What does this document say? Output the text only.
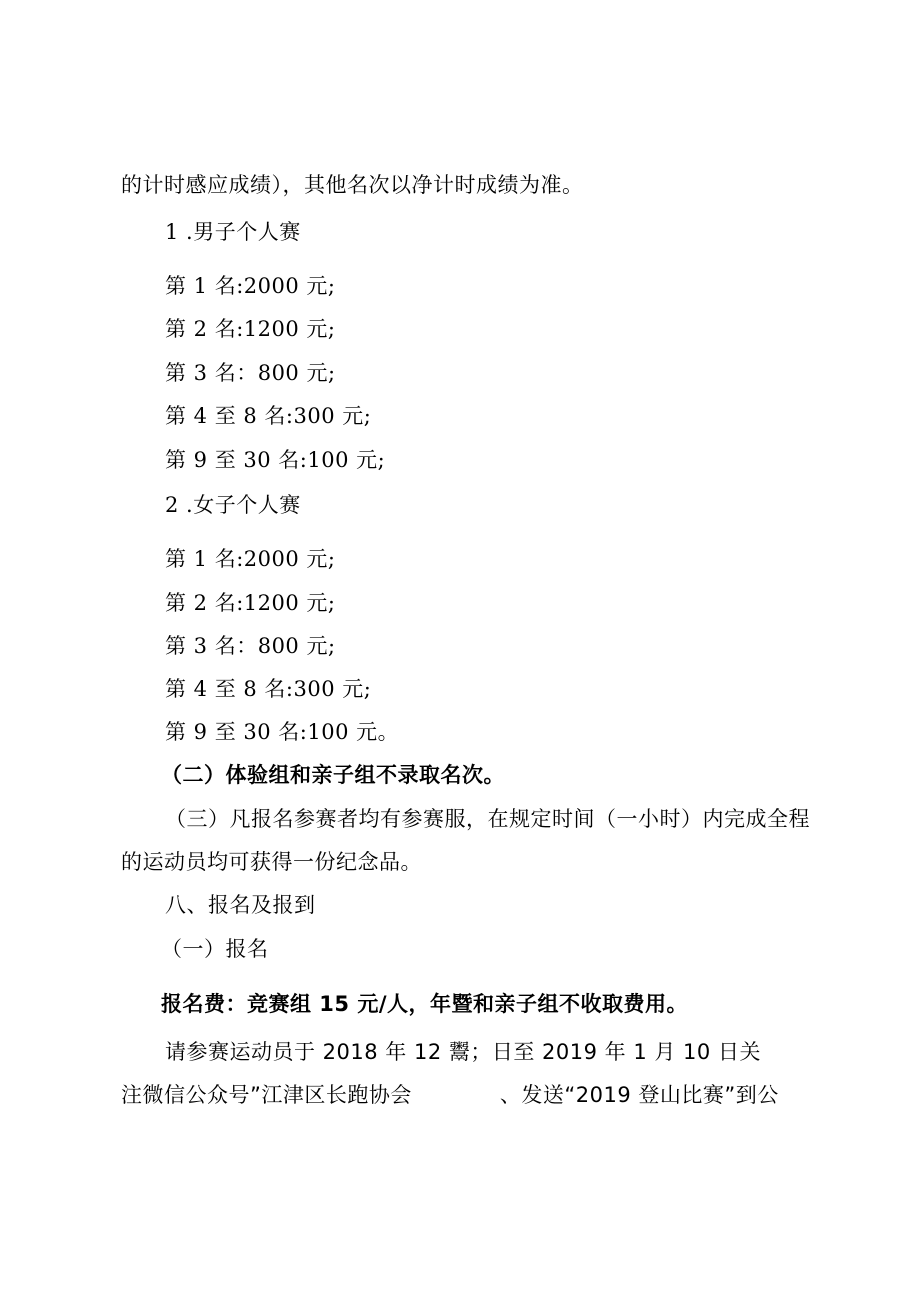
的计时感应成绩），其他名次以净计时成绩为准。
1 .男子个人赛
第 1 名:2000 元;
第 2 名:1200 元;
第 3 名：800 元;
第 4 至 8 名:300 元;
第 9 至 30 名:100 元;
2 .女子个人赛
第 1 名:2000 元;
第 2 名:1200 元;
第 3 名：800 元;
第 4 至 8 名:300 元;
第 9 至 30 名:100 元。
（二）体验组和亲子组不录取名次。
（三）凡报名参赛者均有参赛服，在规定时间（一小时）内完成全程
的运动员均可获得一份纪念品。
八、报名及报到
（一）报名
报名费：竞赛组 15 元/人，年暨和亲子组不收取费用。
请参赛运动员于 2018 年 12 鬻；日至 2019 年 1 月 10 日关
注微信公众号”江津区长跑协会	、发送“2019 登山比赛”到公
